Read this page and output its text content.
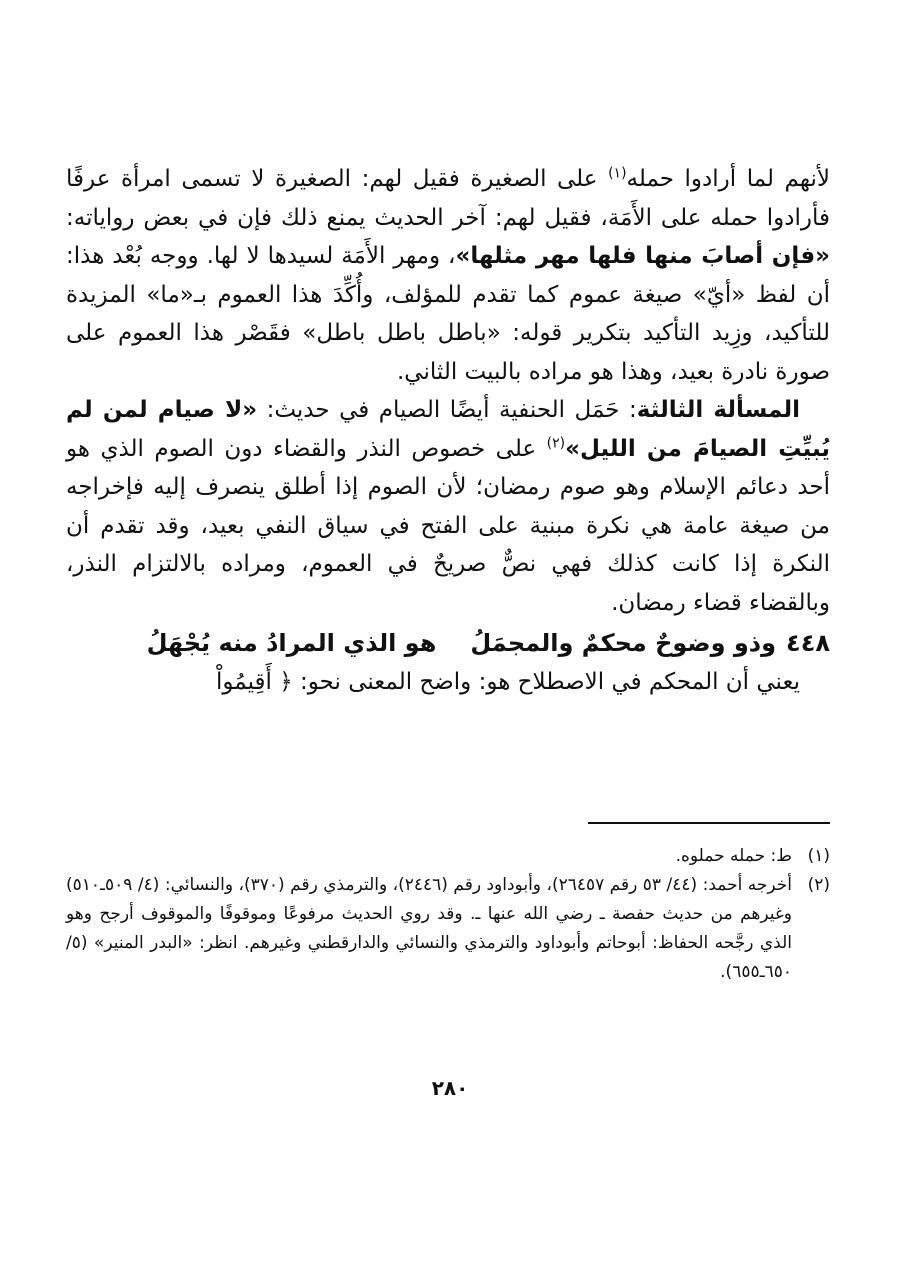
لأنهم لما أرادوا حمله$^{(١)}$ على الصغيرة فقيل لهم: الصغيرة لا تسمى امرأة عرفًا فأرادوا حمله على الأَمَة، فقيل لهم: آخر الحديث يمنع ذلك فإن في بعض رواياته: «فإن أصابَ منها فلها مهر مثلها»، ومهر الأَمَة لسيدها لا لها. ووجه بُعْد هذا: أن لفظ «أيّ» صيغة عموم كما تقدم للمؤلف، وأُكِّدَ هذا العموم بـ«ما» المزيدة للتأكيد، وزِيد التأكيد بتكرير قوله: «باطل باطل باطل» فقَصْر هذا العموم على صورة نادرة بعيد، وهذا هو مراده بالبيت الثاني.

المسألة الثالثة: حَمَل الحنفية أيضًا الصيام في حديث: «لا صيام لمن لم يُبيِّتِ الصيامَ من الليل»$^{(٢)}$ على خصوص النذر والقضاء دون الصوم الذي هو أحد دعائم الإسلام وهو صوم رمضان؛ لأن الصوم إذا أطلق ينصرف إليه فإخراجه من صيغة عامة هي نكرة مبنية على الفتح في سياق النفي بعيد، وقد تقدم أن النكرة إذا كانت كذلك فهي نصٌّ صريحٌ في العموم، ومراده بالالتزام النذر، وبالقضاء قضاء رمضان.

٤٤٨وذو وضوحٌ محكمٌ والمجمَلُهو الذي المرادُ منه يُجْهَلُ

يعني أن المحكم في الاصطلاح هو: واضح المعنى نحو: ﴿ أَقِيمُواْ

(١)
ط: حمله حملوه.
(٢)
أخرجه أحمد: (٤٤/ ٥٣ رقم ٢٦٤٥٧)، وأبوداود رقم (٢٤٤٦)، والترمذي رقم (٣٧٠)، والنسائي: (٤/ ٥٠٩ـ٥١٠) وغيرهم من حديث حفصة ـ رضي الله عنها ـ. وقد روي الحديث مرفوعًا وموقوفًا والموقوف أرجح وهو الذي رجَّحه الحفاظ: أبوحاتم وأبوداود والترمذي والنسائي والدارقطني وغيرهم. انظر: «البدر المنير» (٥/ ٦٥٠ـ٦٥٥).
٢٨٠
